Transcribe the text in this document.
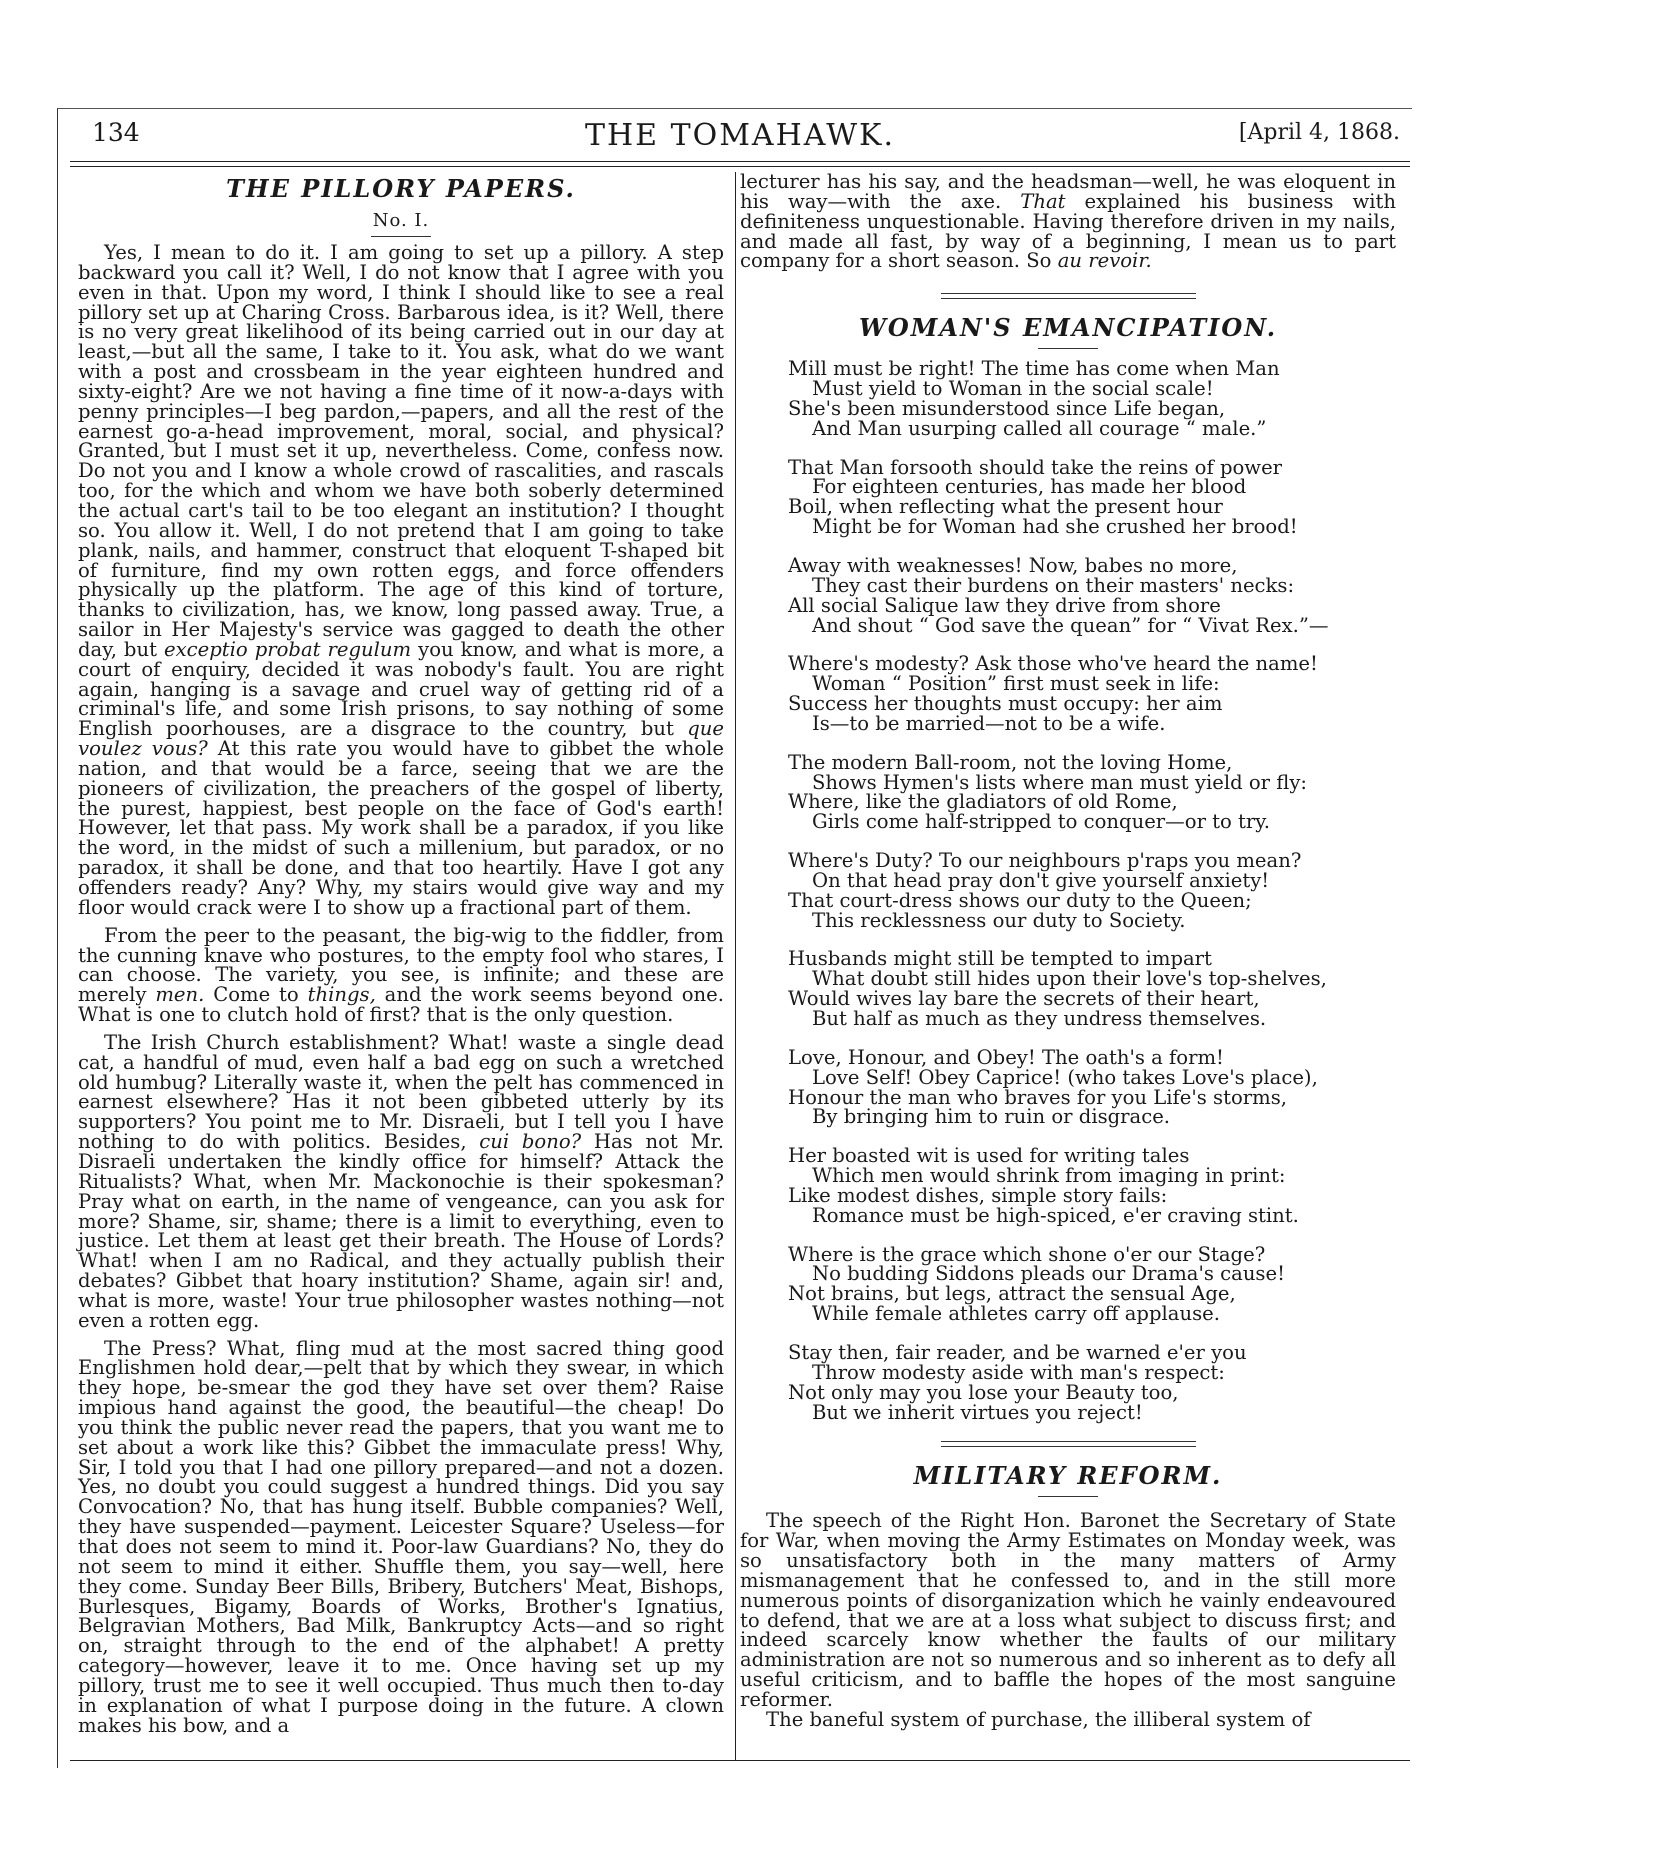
134	THE TOMAHAWK.	[April 4, 1868.
THE PILLORY PAPERS.
No. I.

Yes, I mean to do it. I am going to set up a pillory. A step backward you call it? Well, I do not know that I agree with you even in that. Upon my word, I think I should like to see a real pillory set up at Charing Cross. Barbarous idea, is it? Well, there is no very great likelihood of its being carried out in our day at least,—but all the same, I take to it. You ask, what do we want with a post and crossbeam in the year eighteen hundred and sixty-eight? Are we not having a fine time of it now-a-days with penny principles—I beg pardon,—papers, and all the rest of the earnest go-a-head improvement, moral, social, and physical? Granted, but I must set it up, nevertheless. Come, confess now. Do not you and I know a whole crowd of rascalities, and rascals too, for the which and whom we have both soberly determined the actual cart's tail to be too elegant an institution? I thought so. You allow it. Well, I do not pretend that I am going to take plank, nails, and hammer, construct that eloquent T-shaped bit of furniture, find my own rotten eggs, and force offenders physically up the platform. The age of this kind of torture, thanks to civilization, has, we know, long passed away. True, a sailor in Her Majesty's service was gagged to death the other day, but exceptio probat regulum you know, and what is more, a court of enquiry, decided it was nobody's fault. You are right again, hanging is a savage and cruel way of getting rid of a criminal's life, and some Irish prisons, to say nothing of some English poorhouses, are a disgrace to the country, but que voulez vous? At this rate you would have to gibbet the whole nation, and that would be a farce, seeing that we are the pioneers of civilization, the preachers of the gospel of liberty, the purest, happiest, best people on the face of God's earth! However, let that pass. My work shall be a paradox, if you like the word, in the midst of such a millenium, but paradox, or no paradox, it shall be done, and that too heartily. Have I got any offenders ready? Any? Why, my stairs would give way and my floor would crack were I to show up a fractional part of them.

From the peer to the peasant, the big-wig to the fiddler, from the cunning knave who postures, to the empty fool who stares, I can choose. The variety, you see, is infinite; and these are merely men. Come to things, and the work seems beyond one. What is one to clutch hold of first? that is the only question.

The Irish Church establishment? What! waste a single dead cat, a handful of mud, even half a bad egg on such a wretched old humbug? Literally waste it, when the pelt has commenced in earnest elsewhere? Has it not been gibbeted utterly by its supporters? You point me to Mr. Disraeli, but I tell you I have nothing to do with politics. Besides, cui bono? Has not Mr. Disraeli undertaken the kindly office for himself? Attack the Ritualists? What, when Mr. Mackonochie is their spokesman? Pray what on earth, in the name of vengeance, can you ask for more? Shame, sir, shame; there is a limit to everything, even to justice. Let them at least get their breath. The House of Lords? What! when I am no Radical, and they actually publish their debates? Gibbet that hoary institution? Shame, again sir! and, what is more, waste! Your true philosopher wastes nothing—not even a rotten egg.

The Press? What, fling mud at the most sacred thing good Englishmen hold dear,—pelt that by which they swear, in which they hope, be-smear the god they have set over them? Raise impious hand against the good, the beautiful—the cheap! Do you think the public never read the papers, that you want me to set about a work like this? Gibbet the immaculate press! Why, Sir, I told you that I had one pillory prepared—and not a dozen. Yes, no doubt you could suggest a hundred things. Did you say Convocation? No, that has hung itself. Bubble companies? Well, they have suspended—payment. Leicester Square? Useless—for that does not seem to mind it. Poor-law Guardians? No, they do not seem to mind it either. Shuffle them, you say—well, here they come. Sunday Beer Bills, Bribery, Butchers' Meat, Bishops, Burlesques, Bigamy, Boards of Works, Brother's Ignatius, Belgravian Mothers, Bad Milk, Bankruptcy Acts—and so right on, straight through to the end of the alphabet! A pretty category—however, leave it to me. Once having set up my pillory, trust me to see it well occupied. Thus much then to-day in explanation of what I purpose doing in the future. A clown makes his bow, and a

lecturer has his say, and the headsman—well, he was eloquent in his way—with the axe. That explained his business with definiteness unquestionable. Having therefore driven in my nails, and made all fast, by way of a beginning, I mean us to part company for a short season. So au revoir.

WOMAN'S EMANCIPATION.

Mill must be right! The time has come when Man

Must yield to Woman in the social scale!

She's been misunderstood since Life began,

And Man usurping called all courage “ male.”

That Man forsooth should take the reins of power

For eighteen centuries, has made her blood

Boil, when reflecting what the present hour

Might be for Woman had she crushed her brood!

Away with weaknesses! Now, babes no more,

They cast their burdens on their masters' necks:

All social Salique law they drive from shore

And shout “ God save the quean” for “ Vivat Rex.”—

Where's modesty? Ask those who've heard the name!

Woman “ Position” first must seek in life:

Success her thoughts must occupy: her aim

Is—to be married—not to be a wife.

The modern Ball-room, not the loving Home,

Shows Hymen's lists where man must yield or fly:

Where, like the gladiators of old Rome,

Girls come half-stripped to conquer—or to try.

Where's Duty? To our neighbours p'raps you mean?

On that head pray don't give yourself anxiety!

That court-dress shows our duty to the Queen;

This recklessness our duty to Society.

Husbands might still be tempted to impart

What doubt still hides upon their love's top-shelves,

Would wives lay bare the secrets of their heart,

But half as much as they undress themselves.

Love, Honour, and Obey! The oath's a form!

Love Self! Obey Caprice! (who takes Love's place),

Honour the man who braves for you Life's storms,

By bringing him to ruin or disgrace.

Her boasted wit is used for writing tales

Which men would shrink from imaging in print:

Like modest dishes, simple story fails:

Romance must be high-spiced, e'er craving stint.

Where is the grace which shone o'er our Stage?

No budding Siddons pleads our Drama's cause!

Not brains, but legs, attract the sensual Age,

While female athletes carry off applause.

Stay then, fair reader, and be warned e'er you

Throw modesty aside with man's respect:

Not only may you lose your Beauty too,

But we inherit virtues you reject!

MILITARY REFORM.

The speech of the Right Hon. Baronet the Secretary of State for War, when moving the Army Estimates on Monday week, was so unsatisfactory both in the many matters of Army mismanagement that he confessed to, and in the still more numerous points of disorganization which he vainly endeavoured to defend, that we are at a loss what subject to discuss first; and indeed scarcely know whether the faults of our military administration are not so numerous and so inherent as to defy all useful criticism, and to baffle the hopes of the most sanguine reformer.

The baneful system of purchase, the illiberal system of
